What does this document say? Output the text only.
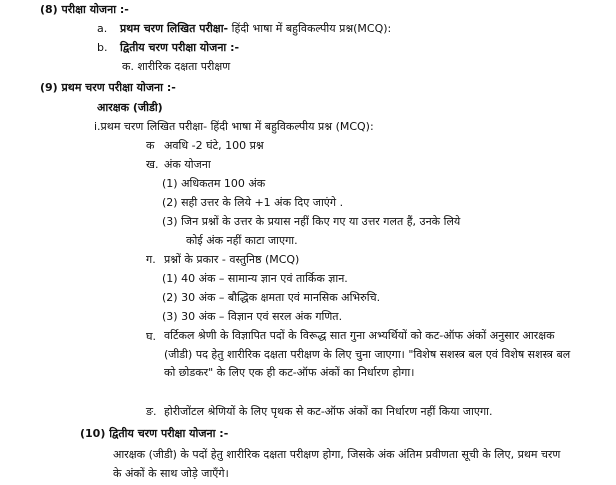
(8) परीक्षा योजना :-
a. प्रथम चरण लिखित परीक्षा- हिंदी भाषा में बहुविकल्पीय प्रश्न(MCQ):
b. द्वितीय चरण परीक्षा योजना :-
क. शारीरिक दक्षता परीक्षण
(9) प्रथम चरण परीक्षा योजना :-
आरक्षक (जीडी)
i.प्रथम चरण लिखित परीक्षा- हिंदी भाषा में बहुविकल्पीय प्रश्न (MCQ):
क अवधि -2 घंटे, 100 प्रश्न
ख. अंक योजना
(1) अधिकतम 100 अंक
(2) सही उत्तर के लिये +1 अंक दिए जाएंगे .
(3) जिन प्रश्नों के उत्तर के प्रयास नहीं किए गए या उत्तर गलत हैं, उनके लिये
कोई अंक नहीं काटा जाएगा.
ग. प्रश्नों के प्रकार - वस्तुनिष्ठ (MCQ)
(1) 40 अंक – सामान्य ज्ञान एवं तार्किक ज्ञान.
(2) 30 अंक – बौद्धिक क्षमता एवं मानसिक अभिरुचि.
(3) 30 अंक – विज्ञान एवं सरल अंक गणित.
घ. वर्टिकल श्रेणी के विज्ञापित पदों के विरूद्ध सात गुना अभ्यर्थियों को कट-ऑफ अंकों अनुसार आरक्षक (जीडी) पद हेतु शारीरिक दक्षता परीक्षण के लिए चुना जाएगा। "विशेष सशस्त्र बल एवं विशेष सशस्त्र बल को छोडकर" के लिए एक ही कट-ऑफ अंकों का निर्धारण होगा।
ङ. होरीजोंटल श्रेणियों के लिए पृथक से कट-ऑफ अंकों का निर्धारण नहीं किया जाएगा.
(10) द्वितीय चरण परीक्षा योजना :-
आरक्षक (जीडी) के पदों हेतु शारीरिक दक्षता परीक्षण होगा, जिसके अंक अंतिम प्रवीणता सूची के लिए, प्रथम चरण के अंकों के साथ जोड़े जाएँगे।
